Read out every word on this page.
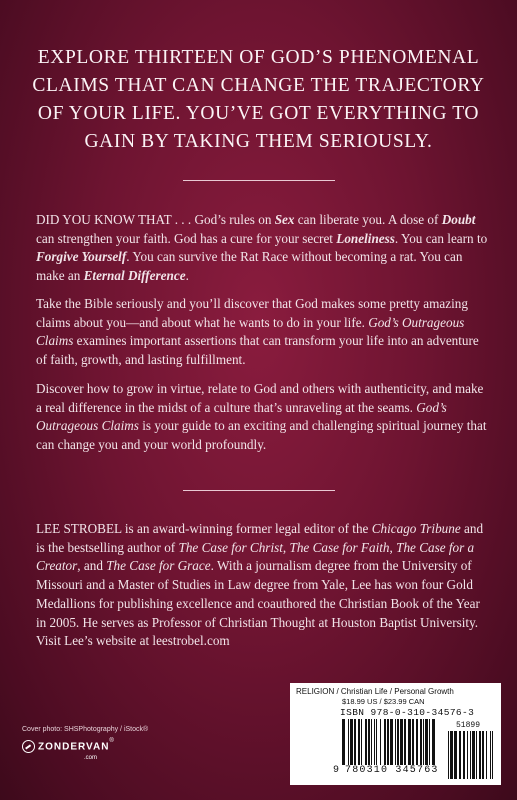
EXPLORE THIRTEEN OF GOD’S PHENOMENAL CLAIMS THAT CAN CHANGE THE TRAJECTORY OF YOUR LIFE. YOU’VE GOT EVERYTHING TO GAIN BY TAKING THEM SERIOUSLY.

DID YOU KNOW THAT . . . God’s rules on Sex can liberate you. A dose of Doubt can strengthen your faith. God has a cure for your secret Loneliness. You can learn to Forgive Yourself. You can survive the Rat Race without becoming a rat. You can make an Eternal Difference.

Take the Bible seriously and you’ll discover that God makes some pretty amazing claims about you—and about what he wants to do in your life. God’s Outrageous Claims examines important assertions that can transform your life into an adventure of faith, growth, and lasting fulfillment.

Discover how to grow in virtue, relate to God and others with authenticity, and make a real difference in the midst of a culture that’s unraveling at the seams. God’s Outrageous Claims is your guide to an exciting and challenging spiritual journey that can change you and your world profoundly.

LEE STROBEL is an award-winning former legal editor of the Chicago Tribune and is the bestselling author of The Case for Christ, The Case for Faith, The Case for a Creator, and The Case for Grace. With a journalism degree from the University of Missouri and a Master of Studies in Law degree from Yale, Lee has won four Gold Medallions for publishing excellence and coauthored the Christian Book of the Year in 2005. He serves as Professor of Christian Thought at Houston Baptist University. Visit Lee’s website at leestrobel.com

Cover photo: SHSPhotography / iStock®
ZONDERVAN®
.com
RELIGION / Christian Life / Personal Growth
$18.99 US / $23.99 CAN
ISBN 978-0-310-34576-3
51899
9 780310 345763
